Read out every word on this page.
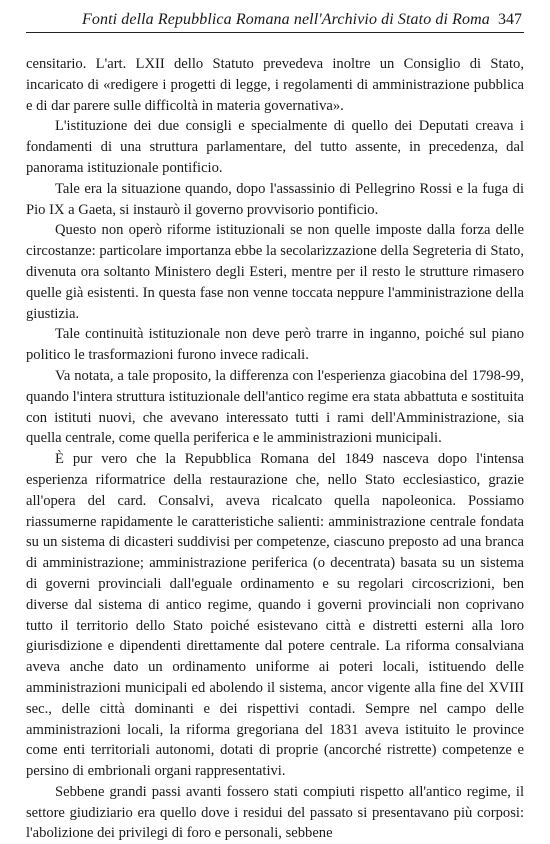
Fonti della Repubblica Romana nell'Archivio di Stato di Roma 347

censitario. L'art. LXII dello Statuto prevedeva inoltre un Consiglio di Stato, incaricato di «redigere i progetti di legge, i regolamenti di amministrazione pubblica e di dar parere sulle difficoltà in materia governativa».

L'istituzione dei due consigli e specialmente di quello dei Deputati creava i fondamenti di una struttura parlamentare, del tutto assente, in precedenza, dal panorama istituzionale pontificio.

Tale era la situazione quando, dopo l'assassinio di Pellegrino Rossi e la fuga di Pio IX a Gaeta, si instaurò il governo provvisorio pontificio.

Questo non operò riforme istituzionali se non quelle imposte dalla forza delle circostanze: particolare importanza ebbe la secolarizzazione della Segreteria di Stato, divenuta ora soltanto Ministero degli Esteri, mentre per il resto le strutture rimasero quelle già esistenti. In questa fase non venne toccata neppure l'amministrazione della giustizia.

Tale continuità istituzionale non deve però trarre in inganno, poiché sul piano politico le trasformazioni furono invece radicali.

Va notata, a tale proposito, la differenza con l'esperienza giacobina del 1798-99, quando l'intera struttura istituzionale dell'antico regime era stata abbattuta e sostituita con istituti nuovi, che avevano interessato tutti i rami dell'Amministrazione, sia quella centrale, come quella periferica e le amministrazioni municipali.

È pur vero che la Repubblica Romana del 1849 nasceva dopo l'intensa esperienza riformatrice della restaurazione che, nello Stato ecclesiastico, grazie all'opera del card. Consalvi, aveva ricalcato quella napoleonica. Possiamo riassumerne rapidamente le caratteristiche salienti: amministrazione centrale fondata su un sistema di dicasteri suddivisi per competenze, ciascuno preposto ad una branca di amministrazione; amministrazione periferica (o decentrata) basata su un sistema di governi provinciali dall'eguale ordinamento e su regolari circoscrizioni, ben diverse dal sistema di antico regime, quando i governi provinciali non coprivano tutto il territorio dello Stato poiché esistevano città e distretti esterni alla loro giurisdizione e dipendenti direttamente dal potere centrale. La riforma consalviana aveva anche dato un ordinamento uniforme ai poteri locali, istituendo delle amministrazioni municipali ed abolendo il sistema, ancor vigente alla fine del XVIII sec., delle città dominanti e dei rispettivi contadi. Sempre nel campo delle amministrazioni locali, la riforma gregoriana del 1831 aveva istituito le province come enti territoriali autonomi, dotati di proprie (ancorché ristrette) competenze e persino di embrionali organi rappresentativi.

Sebbene grandi passi avanti fossero stati compiuti rispetto all'antico regime, il settore giudiziario era quello dove i residui del passato si presentavano più corposi: l'abolizione dei privilegi di foro e personali, sebbene
